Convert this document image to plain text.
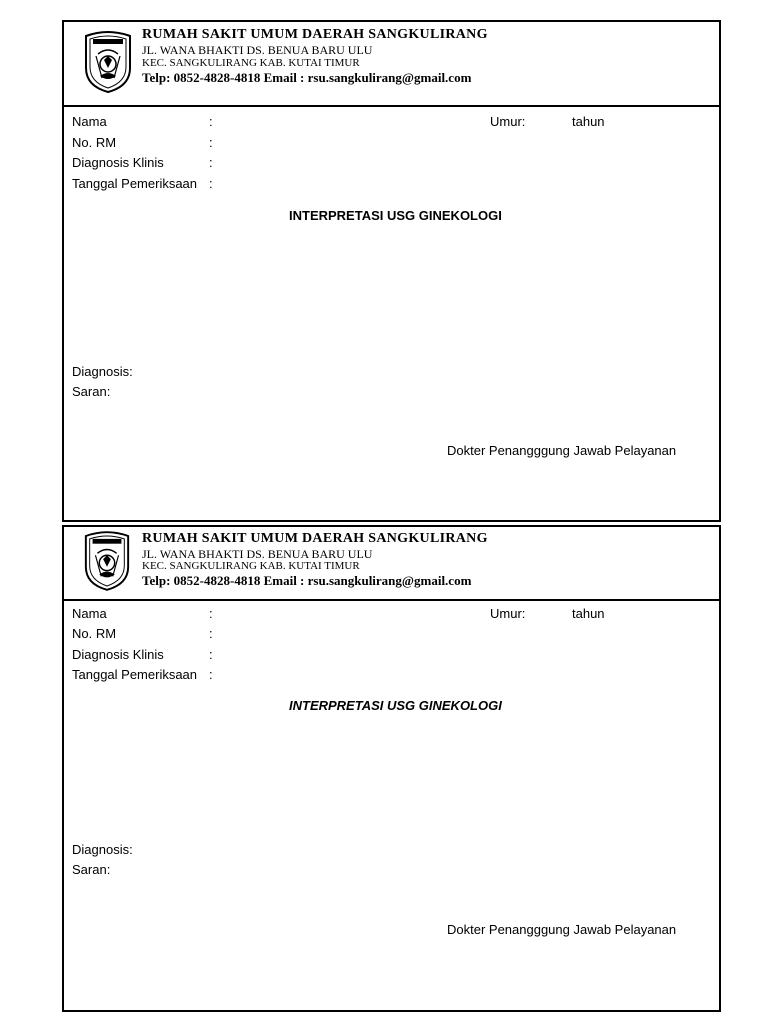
RUMAH SAKIT UMUM DAERAH SANGKULIRANG
JL. WANA BHAKTI DS. BENUA BARU ULU
KEC. SANGKULIRANG KAB. KUTAI TIMUR
Telp: 0852-4828-4818 Email : rsu.sangkulirang@gmail.com
Nama	:	Umur:	tahun
No. RM	:
Diagnosis Klinis	:
Tanggal Pemeriksaan :
INTERPRETASI USG GINEKOLOGI
Diagnosis:
Saran:
Dokter Penangggung Jawab Pelayanan
RUMAH SAKIT UMUM DAERAH SANGKULIRANG
JL. WANA BHAKTI DS. BENUA BARU ULU
KEC. SANGKULIRANG KAB. KUTAI TIMUR
Telp: 0852-4828-4818 Email : rsu.sangkulirang@gmail.com
Nama	:	Umur:	tahun
No. RM	:
Diagnosis Klinis	:
Tanggal Pemeriksaan :
INTERPRETASI USG GINEKOLOGI
Diagnosis:
Saran:
Dokter Penangggung Jawab Pelayanan
